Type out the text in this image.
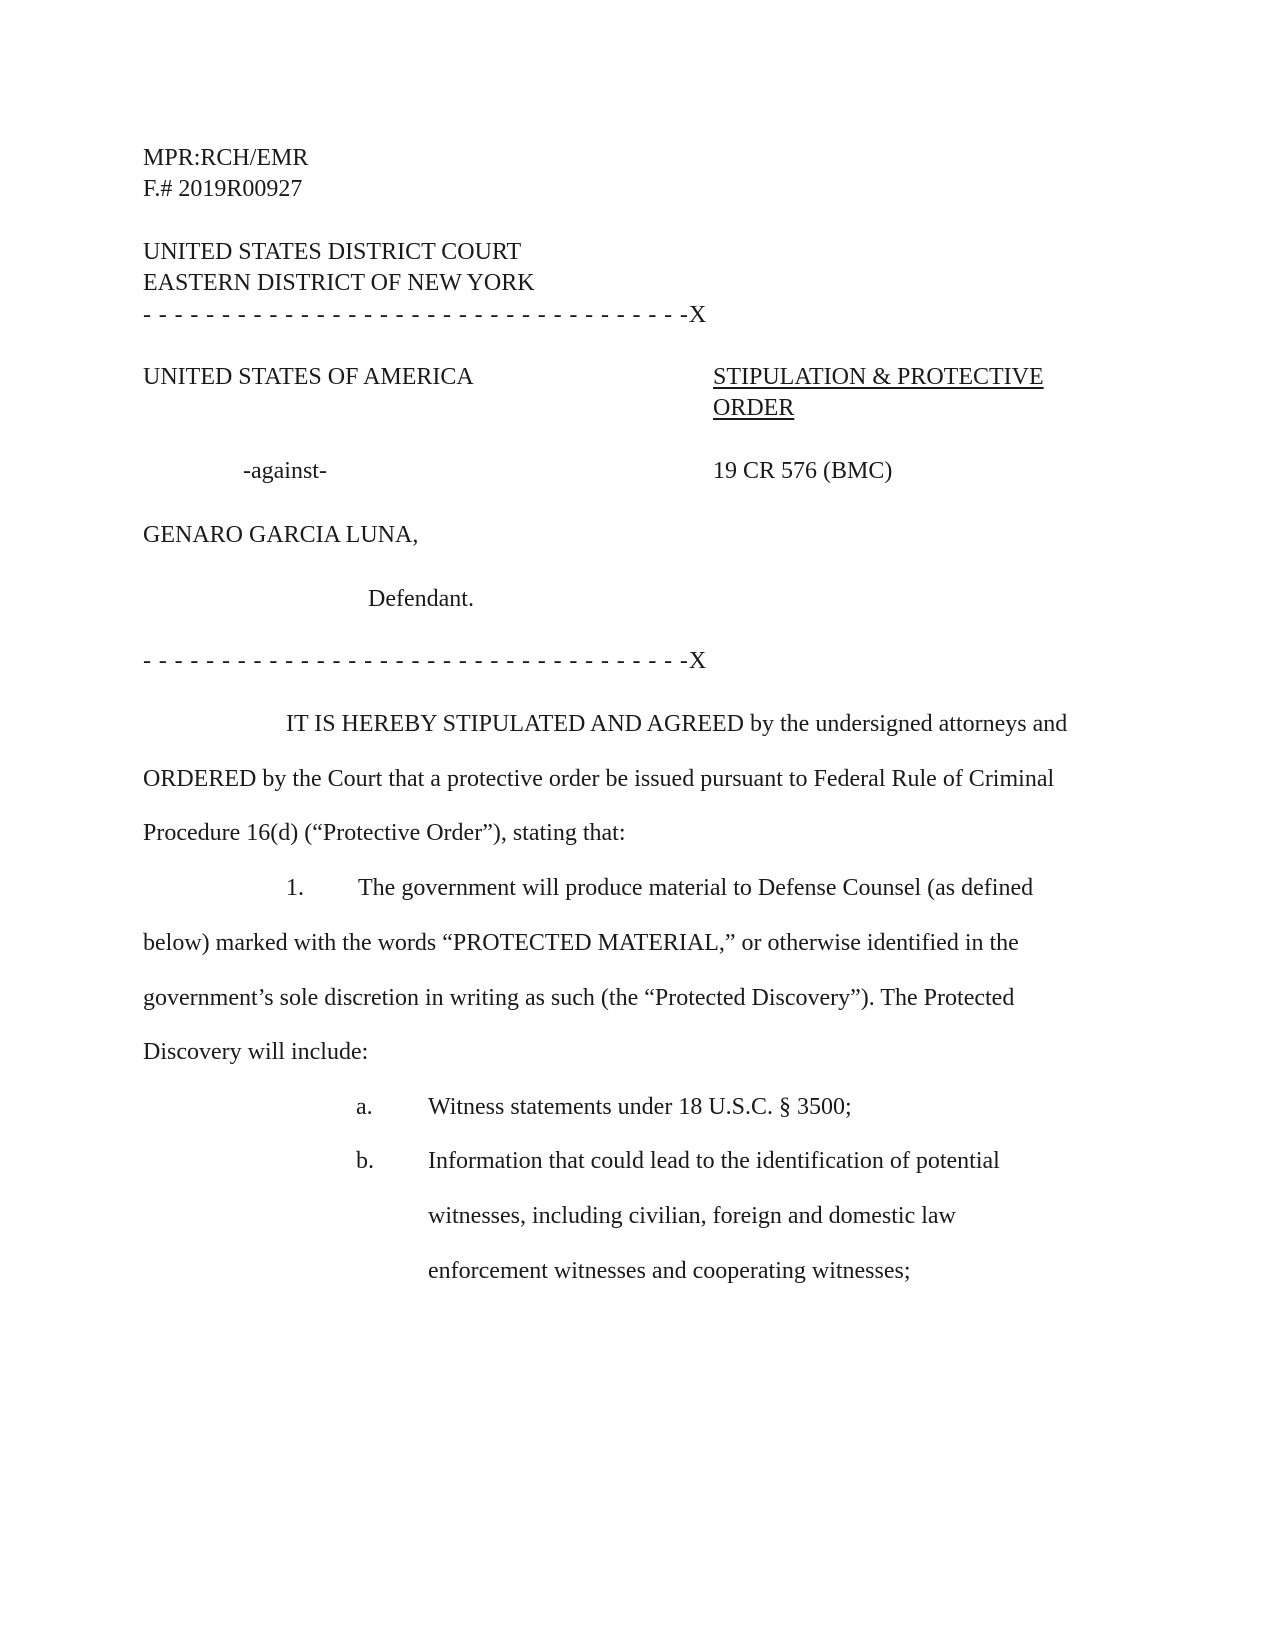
MPR:RCH/EMR

F.# 2019R00927

UNITED STATES DISTRICT COURT

EASTERN DISTRICT OF NEW YORK

- - - - - - - - - - - - - - - - - - - - - - - - - - - - - - - - - - -X

UNITED STATES OF AMERICA	STIPULATION & PROTECTIVE

ORDER

-against-	19 CR 576 (BMC)

GENARO GARCIA LUNA,

Defendant.

- - - - - - - - - - - - - - - - - - - - - - - - - - - - - - - - - - -X

IT IS HEREBY STIPULATED AND AGREED by the undersigned attorneys and

ORDERED by the Court that a protective order be issued pursuant to Federal Rule of Criminal

Procedure 16(d) (“Protective Order”), stating that:

1. The government will produce material to Defense Counsel (as defined

below) marked with the words “PROTECTED MATERIAL,” or otherwise identified in the

government’s sole discretion in writing as such (the “Protected Discovery”). The Protected

Discovery will include:

a. Witness statements under 18 U.S.C. § 3500;

b. Information that could lead to the identification of potential

witnesses, including civilian, foreign and domestic law

enforcement witnesses and cooperating witnesses;
